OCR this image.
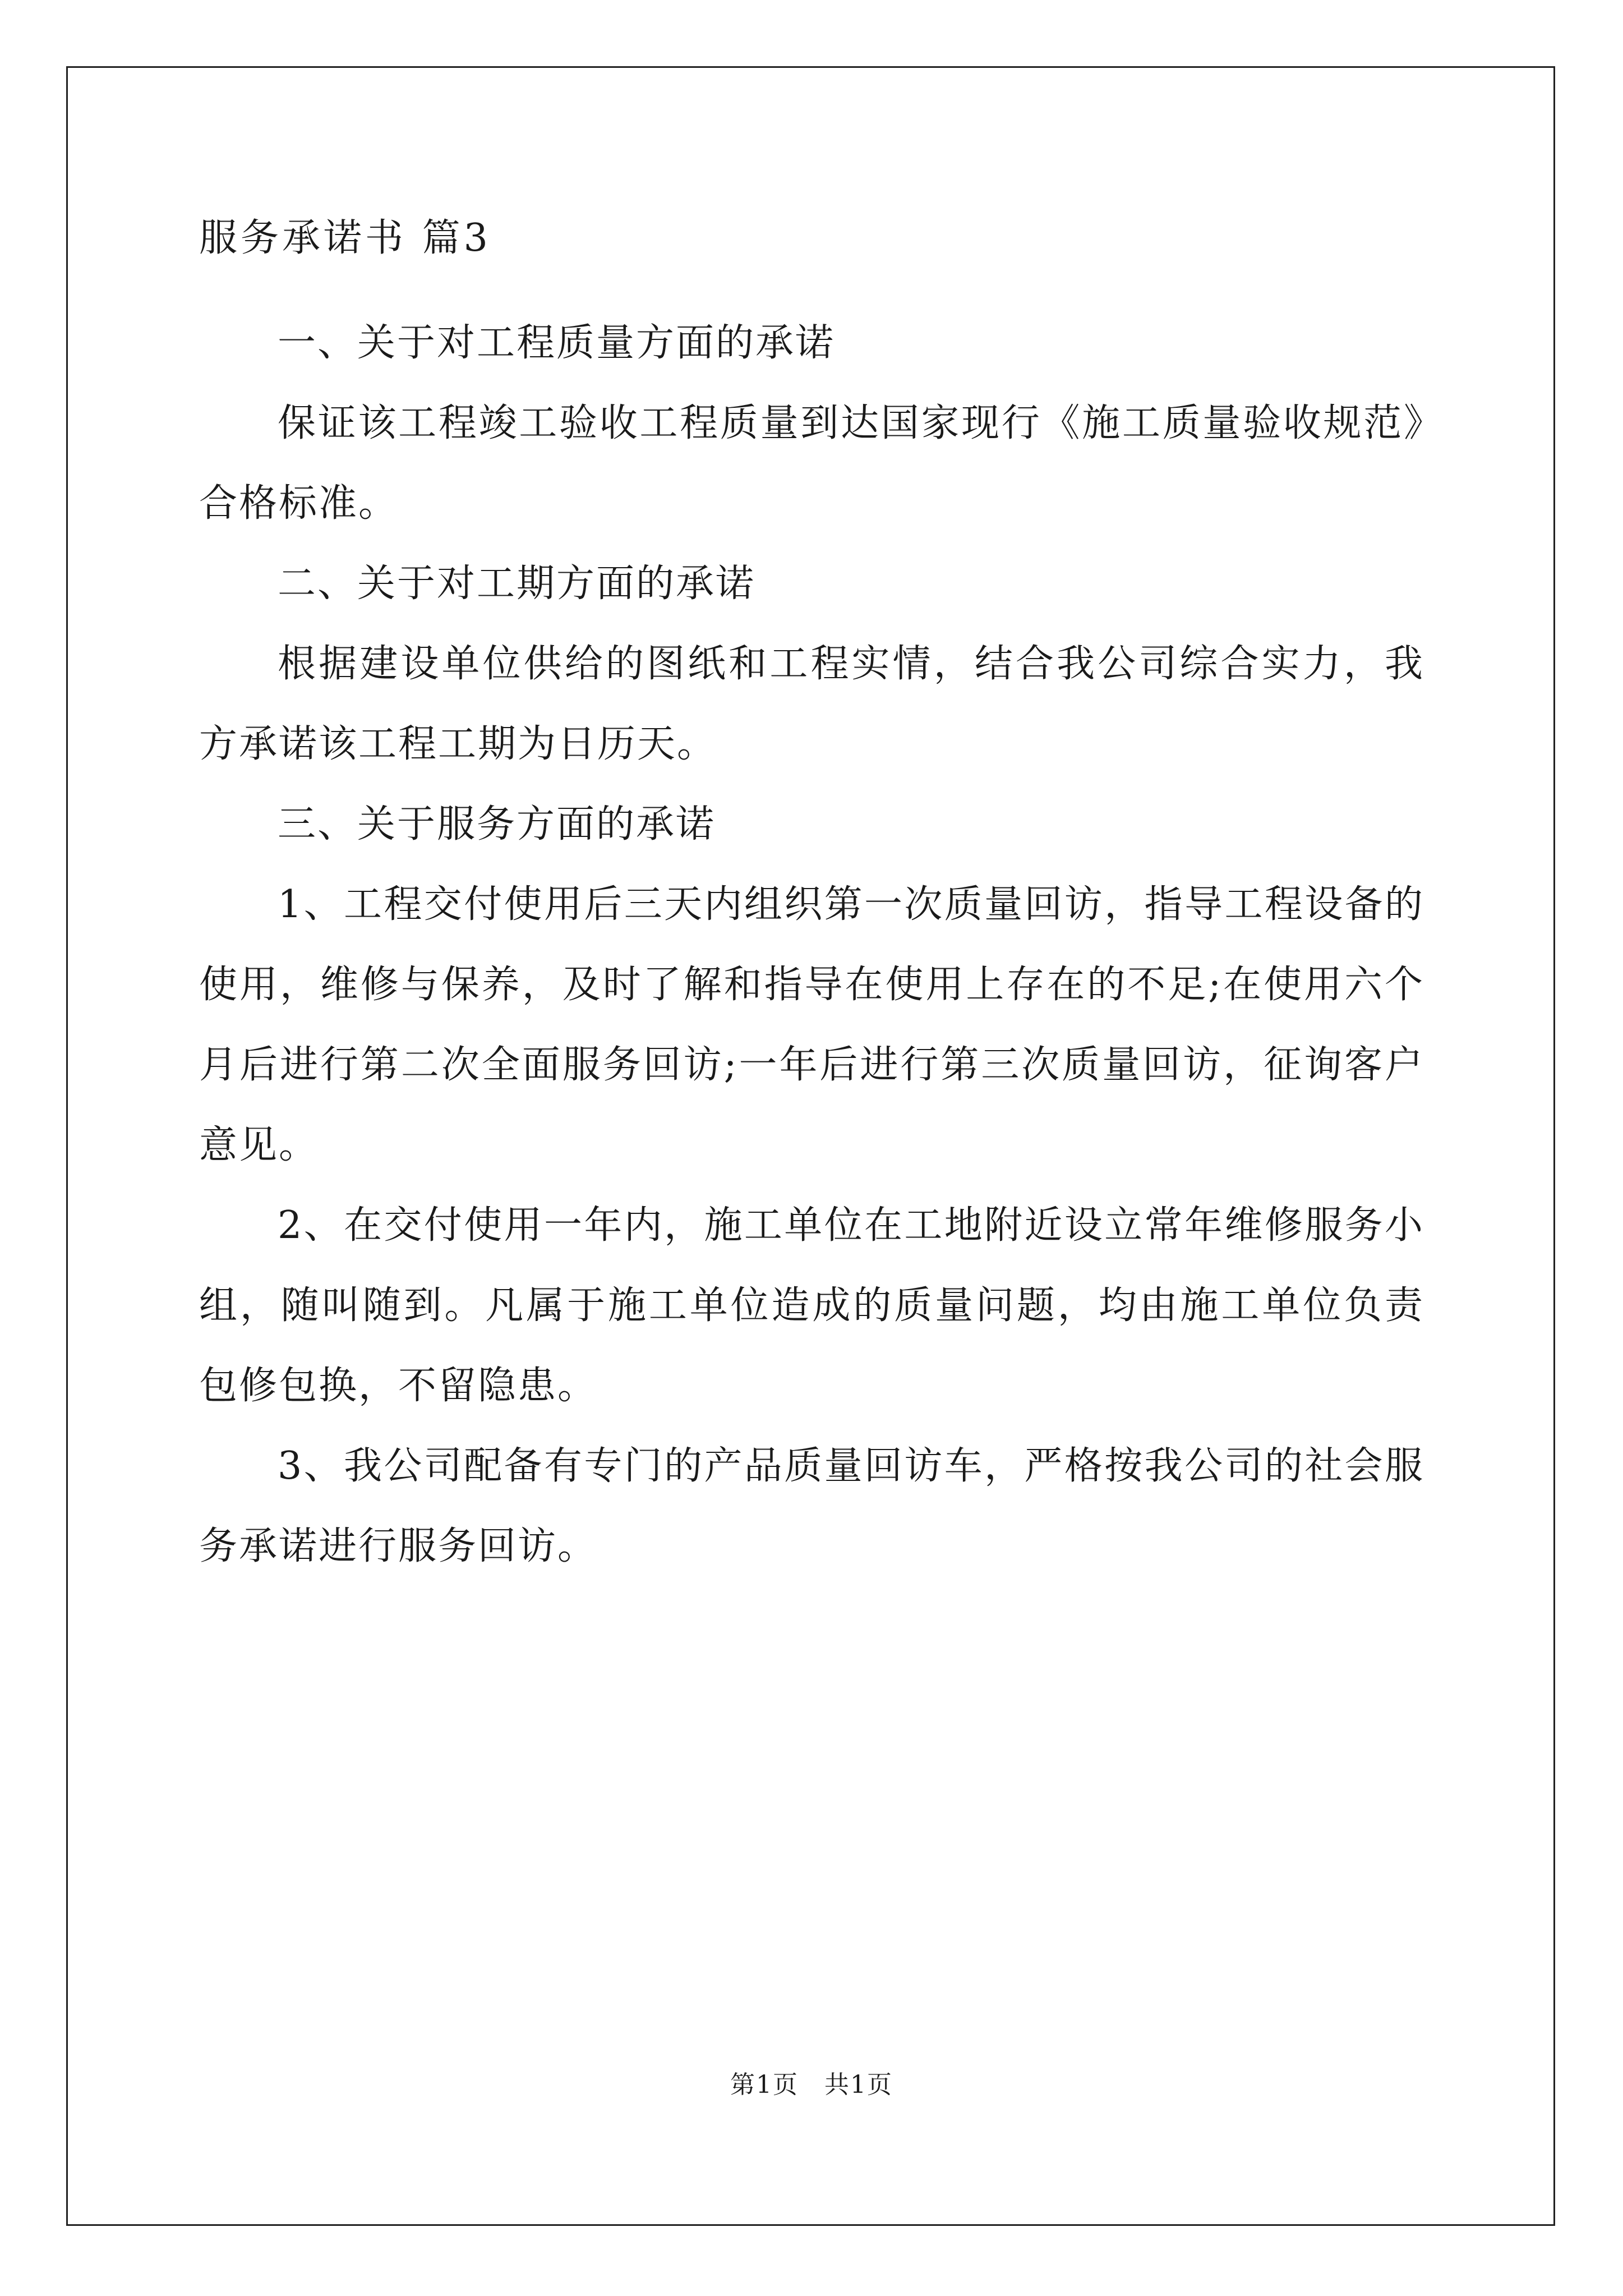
服务承诺书 篇3

一、关于对工程质量方面的承诺

保证该工程竣工验收工程质量到达国家现行《施工质量验收规范》合格标准。

二、关于对工期方面的承诺

根据建设单位供给的图纸和工程实情，结合我公司综合实力，我方承诺该工程工期为日历天。

三、关于服务方面的承诺

1、工程交付使用后三天内组织第一次质量回访，指导工程设备的使用，维修与保养，及时了解和指导在使用上存在的不足;在使用六个月后进行第二次全面服务回访;一年后进行第三次质量回访，征询客户意见。

2、在交付使用一年内，施工单位在工地附近设立常年维修服务小组，随叫随到。凡属于施工单位造成的质量问题，均由施工单位负责包修包换，不留隐患。

3、我公司配备有专门的产品质量回访车，严格按我公司的社会服务承诺进行服务回访。

第1页　共1页
